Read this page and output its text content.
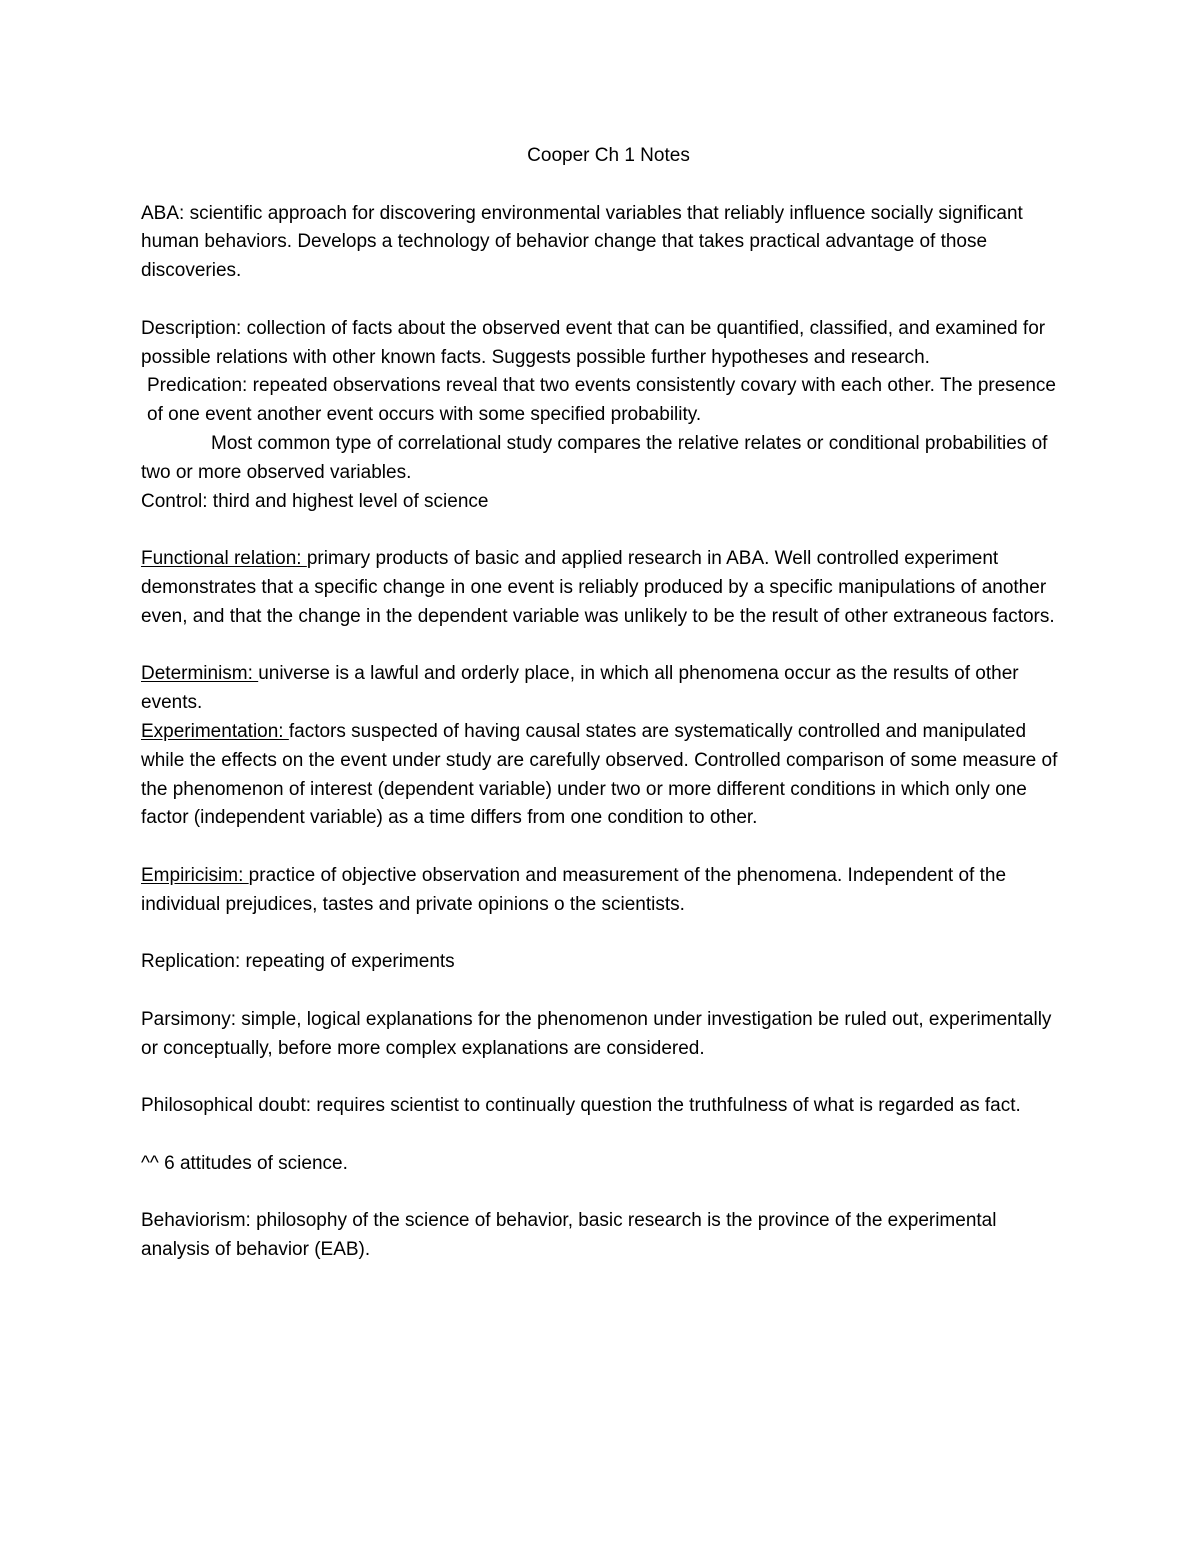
Cooper Ch 1 Notes

ABA: scientific approach for discovering environmental variables that reliably influence socially significant human behaviors. Develops a technology of behavior change that takes practical advantage of those discoveries.

Description: collection of facts about the observed event that can be quantified, classified, and examined for possible relations with other known facts. Suggests possible further hypotheses and research.

Predication: repeated observations reveal that two events consistently covary with each other. The presence of one event another event occurs with some specified probability.

Most common type of correlational study compares the relative relates or conditional probabilities of two or more observed variables.

Control: third and highest level of science

Functional relation: primary products of basic and applied research in ABA. Well controlled experiment demonstrates that a specific change in one event is reliably produced by a specific manipulations of another even, and that the change in the dependent variable was unlikely to be the result of other extraneous factors.

Determinism: universe is a lawful and orderly place, in which all phenomena occur as the results of other events.

Experimentation: factors suspected of having causal states are systematically controlled and manipulated while the effects on the event under study are carefully observed. Controlled comparison of some measure of the phenomenon of interest (dependent variable) under two or more different conditions in which only one factor (independent variable) as a time differs from one condition to other.

Empiricisim: practice of objective observation and measurement of the phenomena. Independent of the individual prejudices, tastes and private opinions o the scientists.

Replication: repeating of experiments

Parsimony: simple, logical explanations for the phenomenon under investigation be ruled out, experimentally or conceptually, before more complex explanations are considered.

Philosophical doubt: requires scientist to continually question the truthfulness of what is regarded as fact.

^^ 6 attitudes of science.

Behaviorism: philosophy of the science of behavior, basic research is the province of the experimental analysis of behavior (EAB).
